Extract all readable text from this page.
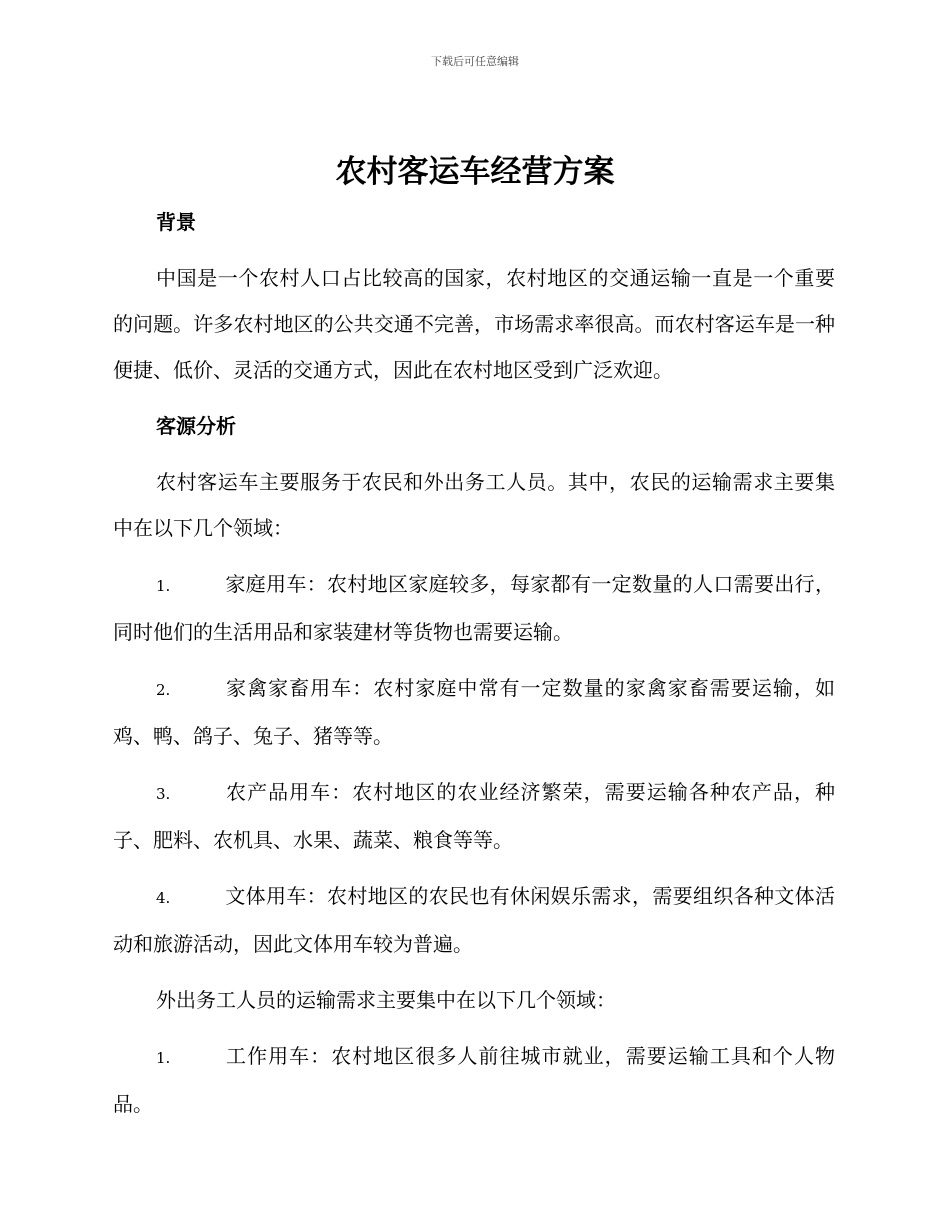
下载后可任意编辑
农村客运车经营方案

背景

中国是一个农村人口占比较高的国家，农村地区的交通运输一直是一个重要的问题。许多农村地区的公共交通不完善，市场需求率很高。而农村客运车是一种便捷、低价、灵活的交通方式，因此在农村地区受到广泛欢迎。

客源分析

农村客运车主要服务于农民和外出务工人员。其中，农民的运输需求主要集中在以下几个领域：

1.	家庭用车：农村地区家庭较多，每家都有一定数量的人口需要出行，同时他们的生活用品和家装建材等货物也需要运输。

2.	家禽家畜用车：农村家庭中常有一定数量的家禽家畜需要运输，如鸡、鸭、鸽子、兔子、猪等等。

3.	农产品用车：农村地区的农业经济繁荣，需要运输各种农产品，种子、肥料、农机具、水果、蔬菜、粮食等等。

4.	文体用车：农村地区的农民也有休闲娱乐需求，需要组织各种文体活动和旅游活动，因此文体用车较为普遍。

外出务工人员的运输需求主要集中在以下几个领域：

1.	工作用车：农村地区很多人前往城市就业，需要运输工具和个人物品。
